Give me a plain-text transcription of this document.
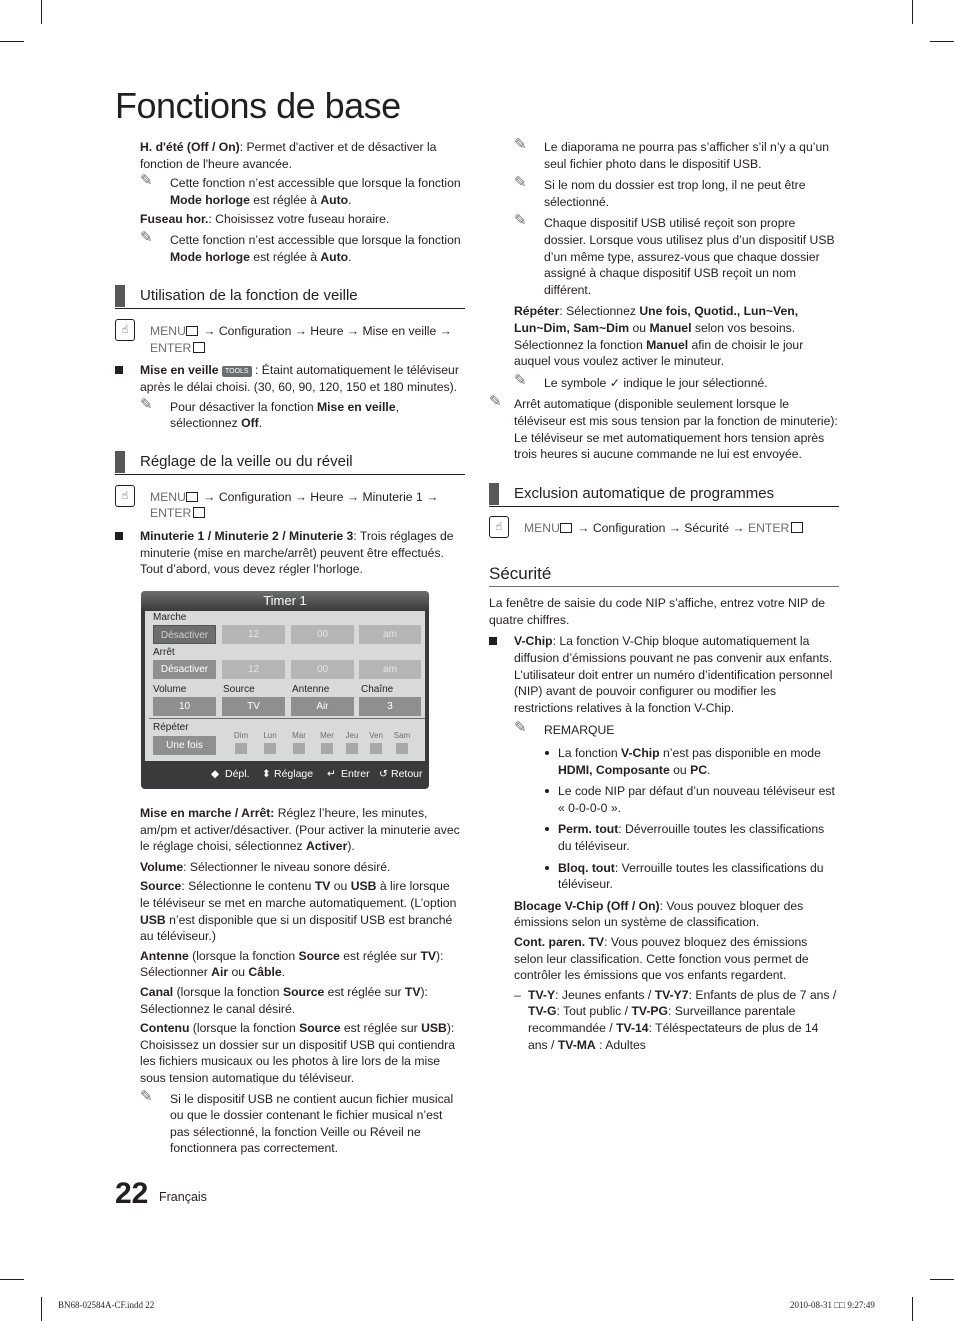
Fonctions de base

H. d'été (Off / On): Permet d'activer et de désactiver la fonction de l'heure avancée.

✎	Cette fonction n’est accessible que lorsque la fonction Mode horloge est réglée à Auto.

Fuseau hor.: Choisissez votre fuseau horaire.

✎	Cette fonction n’est accessible que lorsque la fonction Mode horloge est réglée à Auto.
Utilisation de la fonction de veille
☝	MENU → Configuration → Heure → Mise en veille → ENTER
Mise en veille TOOLS : Étaint automatiquement le téléviseur après le délai choisi. (30, 60, 90, 120, 150 et 180 minutes).
✎	Pour désactiver la fonction Mise en veille, sélectionnez Off.
Réglage de la veille ou du réveil
☝	MENU → Configuration → Heure → Minuterie 1 → ENTER
Minuterie 1 / Minuterie 2 / Minuterie 3: Trois réglages de minuterie (mise en marche/arrêt) peuvent être effectués. Tout d’abord, vous devez régler l’horloge.
Timer 1
Marche
Désactiver	12	00	am
Arrêt
Désactiver	12	00	am
Volume	Source	Antenne	Chaîne
10	TV	Air	3
Répéter
Une fois
Dim	Lun	Mar	Mer	Jeu	Ven	Sam
◆ Dépl. ⬍ Réglage ↵ Entrer ↺ Retour

Mise en marche / Arrêt: Réglez l’heure, les minutes, am/pm et activer/désactiver. (Pour activer la minuterie avec le réglage choisi, sélectionnez Activer).

Volume: Sélectionner le niveau sonore désiré.

Source: Sélectionne le contenu TV ou USB à lire lorsque le téléviseur se met en marche automatiquement. (L’option USB n’est disponible que si un dispositif USB est branché au téléviseur.)

Antenne (lorsque la fonction Source est réglée sur TV): Sélectionner Air ou Câble.

Canal (lorsque la fonction Source est réglée sur TV): Sélectionnez le canal désiré.

Contenu (lorsque la fonction Source est réglée sur USB): Choisissez un dossier sur un dispositif USB qui contiendra les fichiers musicaux ou les photos à lire lors de la mise sous tension automatique du téléviseur.

✎	Si le dispositif USB ne contient aucun fichier musical ou que le dossier contenant le fichier musical n’est pas sélectionné, la fonction Veille ou Réveil ne fonctionnera pas correctement.
✎	Le diaporama ne pourra pas s’afficher s’il n’y a qu’un seul fichier photo dans le dispositif USB.
✎	Si le nom du dossier est trop long, il ne peut être sélectionné.
✎	Chaque dispositif USB utilisé reçoit son propre dossier. Lorsque vous utilisez plus d’un dispositif USB d’un même type, assurez-vous que chaque dossier assigné à chaque dispositif USB reçoit un nom différent.

Répéter: Sélectionnez Une fois, Quotid., Lun~Ven, Lun~Dim, Sam~Dim ou Manuel selon vos besoins. Sélectionnez la fonction Manuel afin de choisir le jour auquel vous voulez activer le minuteur.

✎	Le symbole ✓ indique le jour sélectionné.
✎	Arrêt automatique (disponible seulement lorsque le téléviseur est mis sous tension par la fonction de minuterie): Le téléviseur se met automatiquement hors tension après trois heures si aucune commande ne lui est envoyée.
Exclusion automatique de programmes
☝	MENU → Configuration → Sécurité → ENTER
Sécurité

La fenêtre de saisie du code NIP s’affiche, entrez votre NIP de quatre chiffres.

V-Chip: La fonction V-Chip bloque automatiquement la diffusion d’émissions pouvant ne pas convenir aux enfants. L’utilisateur doit entrer un numéro d’identification personnel (NIP) avant de pouvoir configurer ou modifier les restrictions relatives à la fonction V-Chip.
✎	REMARQUE
La fonction V-Chip n’est pas disponible en mode HDMI, Composante ou PC.
Le code NIP par défaut d’un nouveau téléviseur est « 0-0-0-0 ».
Perm. tout: Déverrouille toutes les classifications du téléviseur.
Bloq. tout: Verrouille toutes les classifications du téléviseur.

Blocage V-Chip (Off / On): Vous pouvez bloquer des émissions selon un système de classification.

Cont. paren. TV: Vous pouvez bloquez des émissions selon leur classification. Cette fonction vous permet de contrôler les émissions que vos enfants regardent.

– TV-Y: Jeunes enfants / TV-Y7: Enfants de plus de 7 ans / TV-G: Tout public / TV-PG: Surveillance parentale recommandée / TV-14: Téléspectateurs de plus de 14 ans / TV-MA : Adultes
22 Français
BN68-02584A-CF.indd 22	2010-08-31 □□ 9:27:49
